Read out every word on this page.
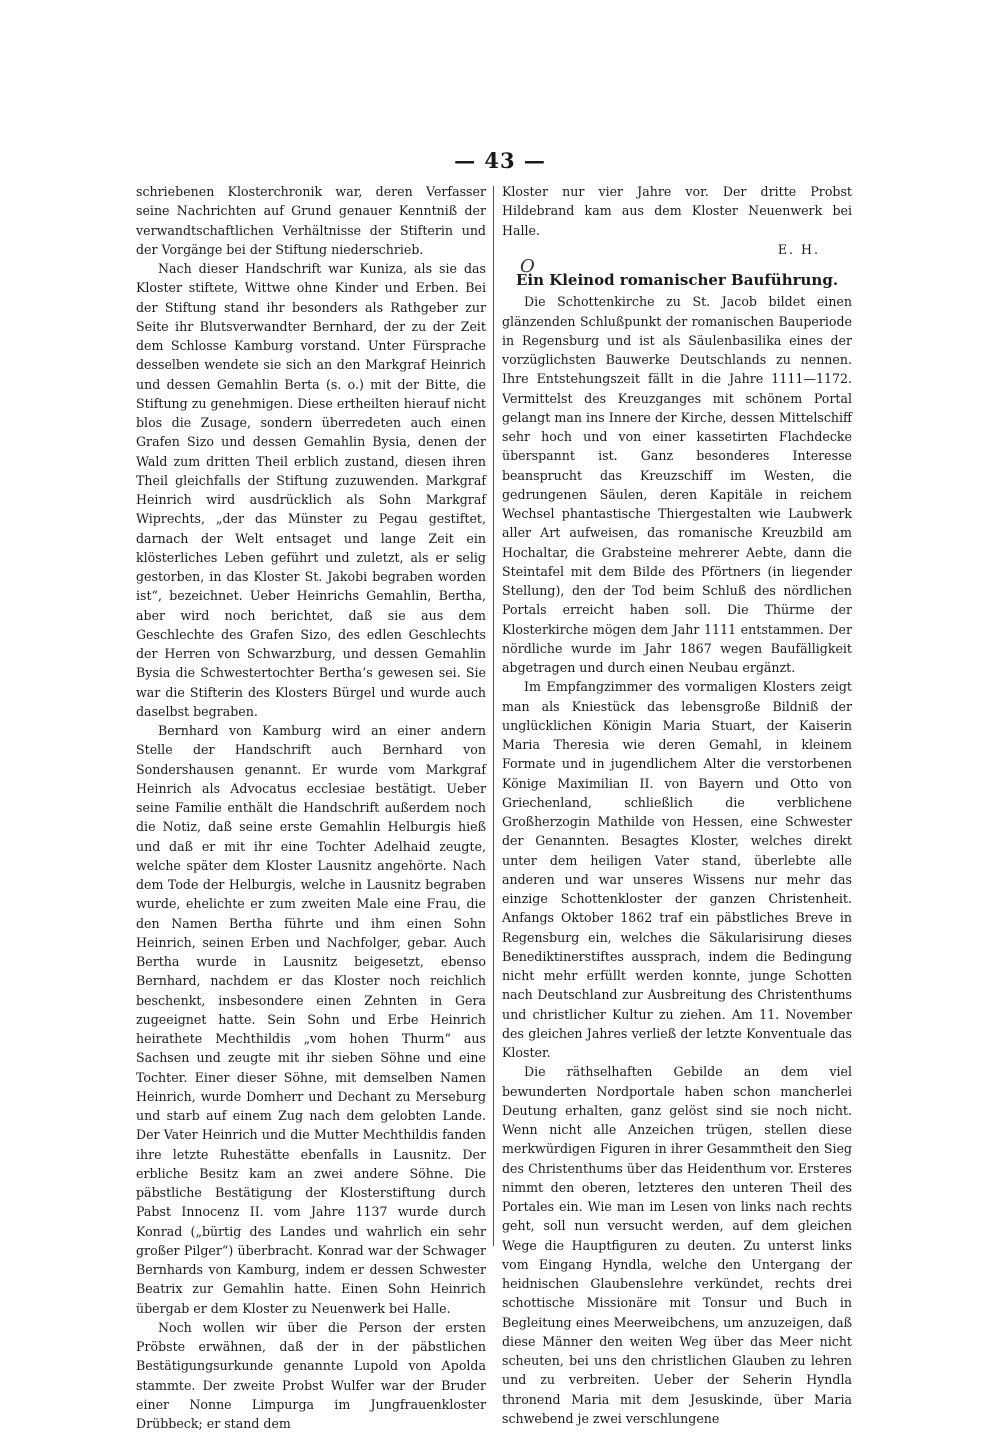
— 43 —

schriebenen Klosterchronik war, deren Verfasser seine Nachrichten auf Grund genauer Kenntniß der verwandtschaftlichen Verhältnisse der Stifterin und der Vorgänge bei der Stiftung niederschrieb.

Nach dieser Handschrift war Kuniza, als sie das Kloster stiftete, Wittwe ohne Kinder und Erben. Bei der Stiftung stand ihr besonders als Rathgeber zur Seite ihr Blutsverwandter Bernhard, der zu der Zeit dem Schlosse Kamburg vorstand. Unter Fürsprache desselben wendete sie sich an den Markgraf Heinrich und dessen Gemahlin Berta (s. o.) mit der Bitte, die Stiftung zu genehmigen. Diese ertheilten hierauf nicht blos die Zusage, sondern überredeten auch einen Grafen Sizo und dessen Gemahlin Bysia, denen der Wald zum dritten Theil erblich zustand, diesen ihren Theil gleichfalls der Stiftung zuzuwenden. Markgraf Heinrich wird ausdrücklich als Sohn Markgraf Wiprechts, „der das Münster zu Pegau gestiftet, darnach der Welt entsaget und lange Zeit ein klösterliches Leben geführt und zuletzt, als er selig gestorben, in das Kloster St. Jakobi begraben worden ist“, bezeichnet. Ueber Heinrichs Gemahlin, Bertha, aber wird noch berichtet, daß sie aus dem Geschlechte des Grafen Sizo, des edlen Geschlechts der Herren von Schwarzburg, und dessen Gemahlin Bysia die Schwestertochter Bertha’s gewesen sei. Sie war die Stifterin des Klosters Bürgel und wurde auch daselbst begraben.

Bernhard von Kamburg wird an einer andern Stelle der Handschrift auch Bernhard von Sondershausen genannt. Er wurde vom Markgraf Heinrich als Advocatus ecclesiae bestätigt. Ueber seine Familie enthält die Handschrift außerdem noch die Notiz, daß seine erste Gemahlin Helburgis hieß und daß er mit ihr eine Tochter Adelhaid zeugte, welche später dem Kloster Lausnitz angehörte. Nach dem Tode der Helburgis, welche in Lausnitz begraben wurde, ehelichte er zum zweiten Male eine Frau, die den Namen Bertha führte und ihm einen Sohn Heinrich, seinen Erben und Nachfolger, gebar. Auch Bertha wurde in Lausnitz beigesetzt, ebenso Bernhard, nachdem er das Kloster noch reichlich beschenkt, insbesondere einen Zehnten in Gera zugeeignet hatte. Sein Sohn und Erbe Heinrich heirathete Mechthildis „vom hohen Thurm“ aus Sachsen und zeugte mit ihr sieben Söhne und eine Tochter. Einer dieser Söhne, mit demselben Namen Heinrich, wurde Domherr und Dechant zu Merseburg und starb auf einem Zug nach dem gelobten Lande. Der Vater Heinrich und die Mutter Mechthildis fanden ihre letzte Ruhestätte ebenfalls in Lausnitz. Der erbliche Besitz kam an zwei andere Söhne. Die päbstliche Bestätigung der Klosterstiftung durch Pabst Innocenz II. vom Jahre 1137 wurde durch Konrad („bürtig des Landes und wahrlich ein sehr großer Pilger“) überbracht. Konrad war der Schwager Bernhards von Kamburg, indem er dessen Schwester Beatrix zur Gemahlin hatte. Einen Sohn Heinrich übergab er dem Kloster zu Neuenwerk bei Halle.

Noch wollen wir über die Person der ersten Pröbste erwähnen, daß der in der päbstlichen Bestätigungsurkunde genannte Lupold von Apolda stammte. Der zweite Probst Wulfer war der Bruder einer Nonne Limpurga im Jungfrauenkloster Drübbeck; er stand dem

Kloster nur vier Jahre vor. Der dritte Probst Hildebrand kam aus dem Kloster Neuenwerk bei Halle.

E. H.

O
Ein Kleinod romanischer Bauführung.

Die Schottenkirche zu St. Jacob bildet einen glänzenden Schlußpunkt der romanischen Bauperiode in Regensburg und ist als Säulenbasilika eines der vorzüglichsten Bauwerke Deutschlands zu nennen. Ihre Entstehungszeit fällt in die Jahre 1111—1172. Vermittelst des Kreuzganges mit schönem Portal gelangt man ins Innere der Kirche, dessen Mittelschiff sehr hoch und von einer kassetirten Flachdecke überspannt ist. Ganz besonderes Interesse beansprucht das Kreuzschiff im Westen, die gedrungenen Säulen, deren Kapitäle in reichem Wechsel phantastische Thiergestalten wie Laubwerk aller Art aufweisen, das romanische Kreuzbild am Hochaltar, die Grabsteine mehrerer Aebte, dann die Steintafel mit dem Bilde des Pförtners (in liegender Stellung), den der Tod beim Schluß des nördlichen Portals erreicht haben soll. Die Thürme der Klosterkirche mögen dem Jahr 1111 entstammen. Der nördliche wurde im Jahr 1867 wegen Baufälligkeit abgetragen und durch einen Neubau ergänzt.

Im Empfangzimmer des vormaligen Klosters zeigt man als Kniestück das lebensgroße Bildniß der unglücklichen Königin Maria Stuart, der Kaiserin Maria Theresia wie deren Gemahl, in kleinem Formate und in jugendlichem Alter die verstorbenen Könige Maximilian II. von Bayern und Otto von Griechenland, schließlich die verblichene Großherzogin Mathilde von Hessen, eine Schwester der Genannten. Besagtes Kloster, welches direkt unter dem heiligen Vater stand, überlebte alle anderen und war unseres Wissens nur mehr das einzige Schottenkloster der ganzen Christenheit. Anfangs Oktober 1862 traf ein päbstliches Breve in Regensburg ein, welches die Säkularisirung dieses Benediktinerstiftes aussprach, indem die Bedingung nicht mehr erfüllt werden konnte, junge Schotten nach Deutschland zur Ausbreitung des Christenthums und christlicher Kultur zu ziehen. Am 11. November des gleichen Jahres verließ der letzte Konventuale das Kloster.

Die räthselhaften Gebilde an dem viel bewunderten Nordportale haben schon mancherlei Deutung erhalten, ganz gelöst sind sie noch nicht. Wenn nicht alle Anzeichen trügen, stellen diese merkwürdigen Figuren in ihrer Gesammtheit den Sieg des Christenthums über das Heidenthum vor. Ersteres nimmt den oberen, letzteres den unteren Theil des Portales ein. Wie man im Lesen von links nach rechts geht, soll nun versucht werden, auf dem gleichen Wege die Hauptfiguren zu deuten. Zu unterst links vom Eingang Hyndla, welche den Untergang der heidnischen Glaubenslehre verkündet, rechts drei schottische Missionäre mit Tonsur und Buch in Begleitung eines Meerweibchens, um anzuzeigen, daß diese Männer den weiten Weg über das Meer nicht scheuten, bei uns den christlichen Glauben zu lehren und zu verbreiten. Ueber der Seherin Hyndla thronend Maria mit dem Jesuskinde, über Maria schwebend je zwei verschlungene
